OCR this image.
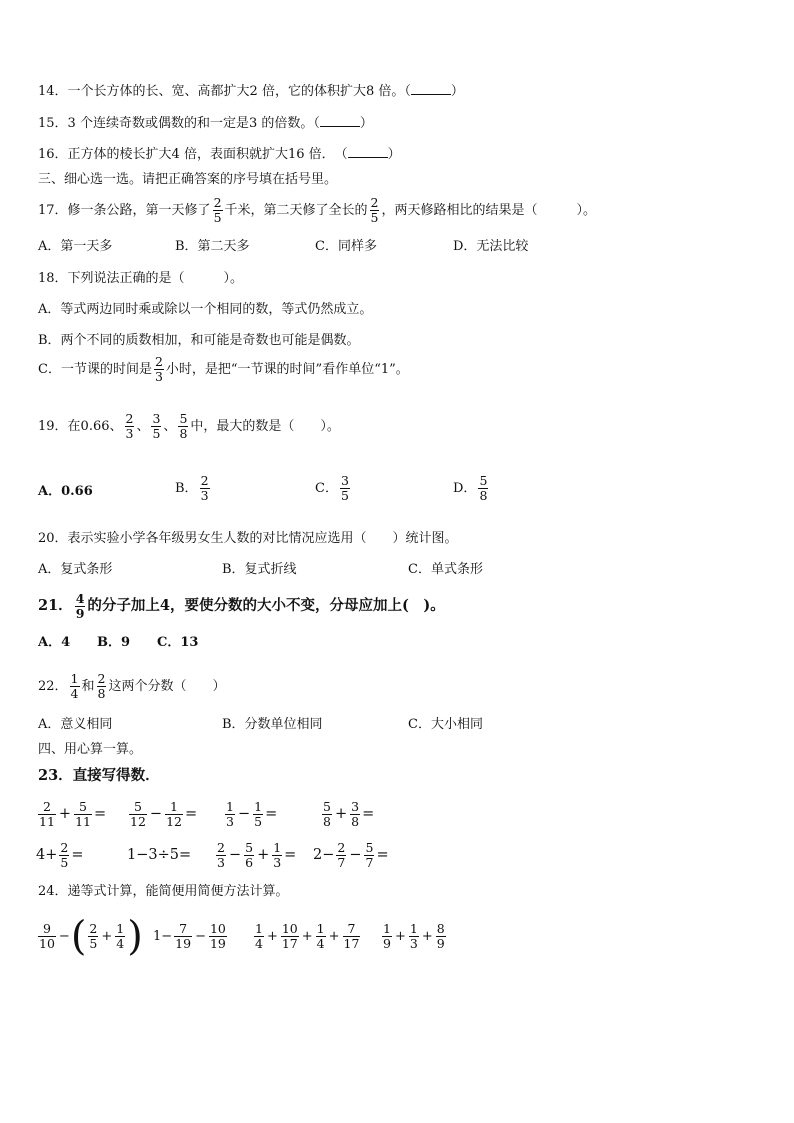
14．一个长方体的长、宽、高都扩大2 倍，它的体积扩大8 倍。（	）
15．3 个连续奇数或偶数的和一定是3 的倍数。（	）
16．正方体的棱长扩大4 倍，表面积就扩大16 倍．　（	）
三、细心选一选。请把正确答案的序号填在括号里。
17．修一条公路，第一天修了 $\frac{2}{5}$ 千米，第二天修了全长的 $\frac{2}{5}$ ，两天修路相比的结果是（　　　）。
A．第一天多	B．第二天多	C．同样多	D．无法比较
18．下列说法正确的是（　　　）。
A．等式两边同时乘或除以一个相同的数，等式仍然成立。
B．两个不同的质数相加，和可能是奇数也可能是偶数。
C．一节课的时间是 $\frac{2}{3}$ 小时，是把“一节课的时间”看作单位“1”。
19．在0.66、 $\frac{2}{3}$ 、 $\frac{3}{5}$ 、 $\frac{5}{8}$ 中，最大的数是（　　）。
A．0.66	B． $\frac{2}{3}$	C． $\frac{3}{5}$	D． $\frac{5}{8}$
20．表示实验小学各年级男女生人数的对比情况应选用（　　）统计图。
A．复式条形	B．复式折线	C．单式条形
21． $\frac{4}{9}$ 的分子加上4，要使分数的大小不变，分母应加上(　)。
A．4 B．9 C．13
22． $\frac{1}{4}$ 和 $\frac{2}{8}$ 这两个分数（　　）
A．意义相同	B．分数单位相同	C．大小相同
四、用心算一算。
23．直接写得数．
$\frac{2}{11} + \frac{5}{11} = \frac{5}{12} - \frac{1}{12} = \frac{1}{3} - \frac{1}{5}$ =	$\frac{5}{8} + \frac{3}{8}$ =
$4+ \frac{2}{5}$ =	$1-3\div 5= \frac{2}{3} - \frac{5}{6} + \frac{1}{3} = 2- \frac{2}{7} - \frac{5}{7}$ =
24．递等式计算，能简便用简便方法计算。
$\frac{9}{10}$ −( $\frac{2}{5} + \frac{1}{4}$ ) $1- \frac{7}{19} - \frac{10}{19} \frac{1}{4} + \frac{10}{17} + \frac{1}{4} + \frac{7}{17} \frac{1}{9} + \frac{1}{3} + \frac{8}{9}$
